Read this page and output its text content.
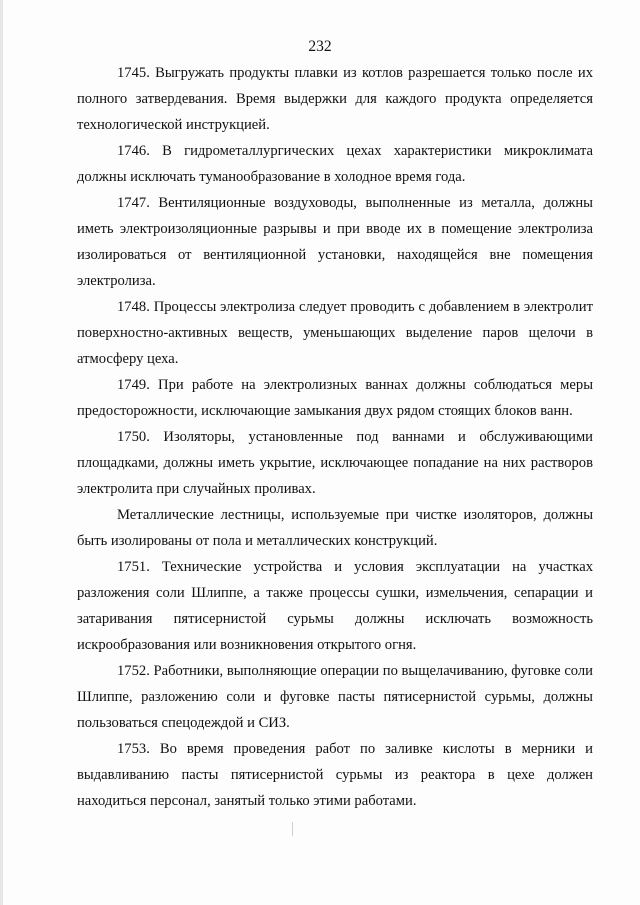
232

1745. Выгружать продукты плавки из котлов разрешается только после их полного затвердевания. Время выдержки для каждого продукта определяется технологической инструкцией.

1746. В гидрометаллургических цехах характеристики микроклимата должны исключать туманообразование в холодное время года.

1747. Вентиляционные воздуховоды, выполненные из металла, должны иметь электроизоляционные разрывы и при вводе их в помещение электролиза изолироваться от вентиляционной установки, находящейся вне помещения электролиза.

1748. Процессы электролиза следует проводить с добавлением в электролит поверхностно-активных веществ, уменьшающих выделение паров щелочи в атмосферу цеха.

1749. При работе на электролизных ваннах должны соблюдаться меры предосторожности, исключающие замыкания двух рядом стоящих блоков ванн.

1750. Изоляторы, установленные под ваннами и обслуживающими площадками, должны иметь укрытие, исключающее попадание на них растворов электролита при случайных проливах.

Металлические лестницы, используемые при чистке изоляторов, должны быть изолированы от пола и металлических конструкций.

1751. Технические устройства и условия эксплуатации на участках разложения соли Шлиппе, а также процессы сушки, измельчения, сепарации и затаривания пятисернистой сурьмы должны исключать возможность искрообразования или возникновения открытого огня.

1752. Работники, выполняющие операции по выщелачиванию, фуговке соли Шлиппе, разложению соли и фуговке пасты пятисернистой сурьмы, должны пользоваться спецодеждой и СИЗ.

1753. Во время проведения работ по заливке кислоты в мерники и выдавливанию пасты пятисернистой сурьмы из реактора в цехе должен находиться персонал, занятый только этими работами.
